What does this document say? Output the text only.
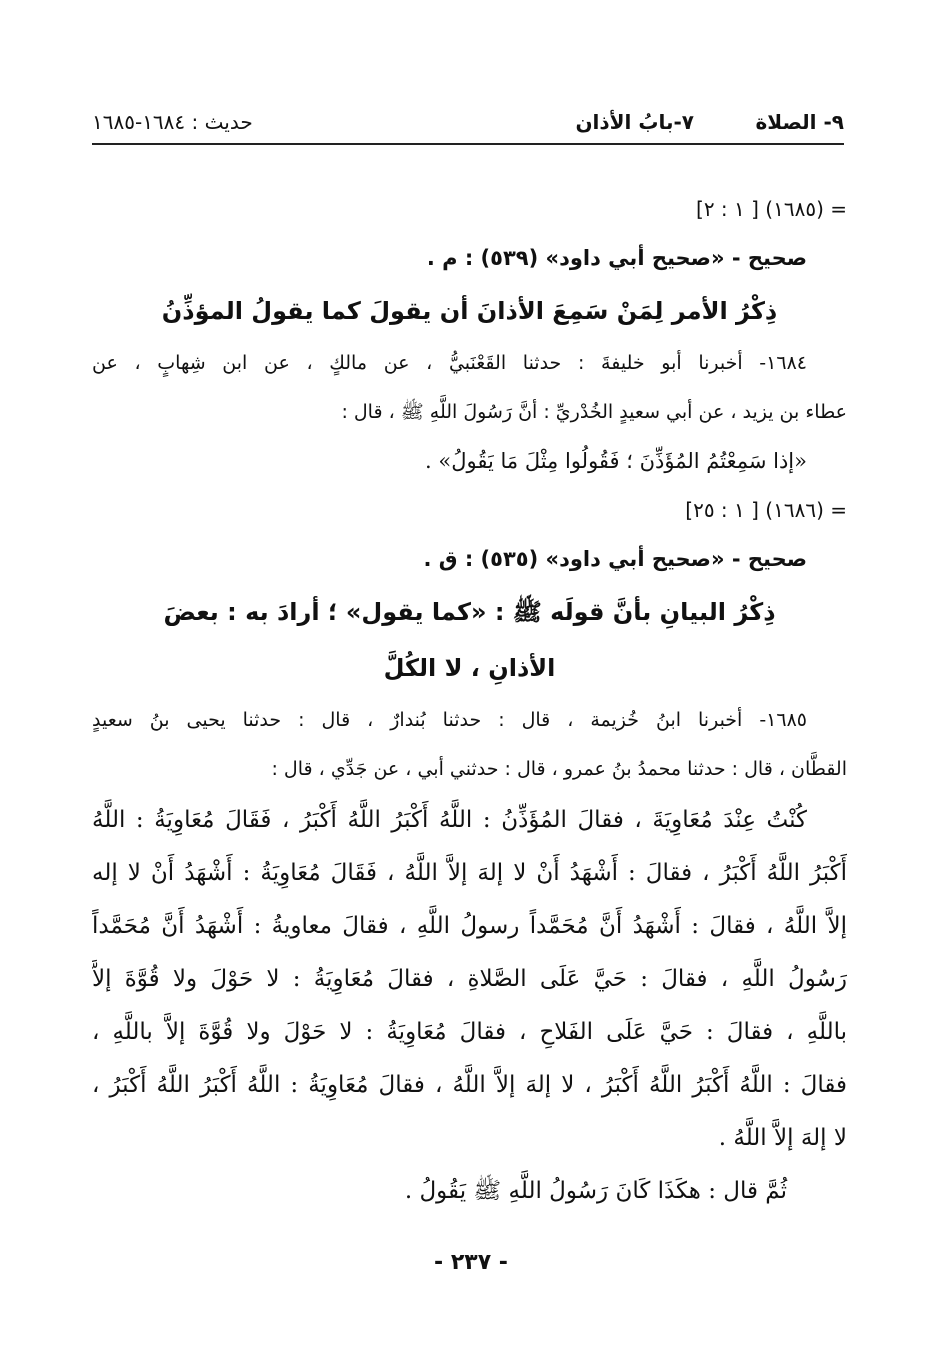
٩- الصلاة
٧-بابُ الأذان
حديث : ١٦٨٤-١٦٨٥
= (١٦٨٥) [ ١ : ٢]
صحيح - «صحيح أبي داود» (٥٣٩) : م .
ذِكْرُ الأمر لِمَنْ سَمِعَ الأذانَ أن يقولَ كما يقولُ المؤذِّنُ
١٦٨٤- أخبرنا أبو خليفةَ : حدثنا القَعْنَبيُّ ، عن مالكٍ ، عن ابن شِهابٍ ، عن
عطاء بن يزيد ، عن أبي سعيدٍ الخُدْريِّ : أنَّ رَسُولَ اللَّهِ ﷺ ، قال :
«إذا سَمِعْتُمُ المُؤَذِّنَ ؛ فَقُولُوا مِثْلَ مَا يَقُولُ» .
= (١٦٨٦) [ ١ : ٢٥]
صحيح - «صحيح أبي داود» (٥٣٥) : ق .
ذِكْرُ البيانِ بأنَّ قولَه ﷺ : «كما يقول» ؛ أرادَ به : بعضَ
الأذانِ ، لا الكُلَّ
١٦٨٥- أخبرنا ابنُ خُزيمة ، قال : حدثنا بُندارٌ ، قال : حدثنا يحيى بنُ سعيدٍ
القطَّان ، قال : حدثنا محمدُ بنُ عمرو ، قال : حدثني أبي ، عن جَدِّي ، قال :
كُنْتُ عِنْدَ مُعَاوِيَةَ ، فقالَ المُؤَذِّنُ : اللَّهُ أَكْبَرُ اللَّهُ أَكْبَرُ ، فَقَالَ مُعَاوِيَةُ : اللَّهُ
أَكْبَرُ اللَّهُ أَكْبَرُ ، فقالَ : أَشْهَدُ أَنْ لا إلهَ إلاَّ اللَّهُ ، فَقَالَ مُعَاوِيَةُ : أَشْهَدُ أَنْ لا إله
إلاَّ اللَّهُ ، فقالَ : أَشْهَدُ أَنَّ مُحَمَّداً رسولُ اللَّهِ ، فقالَ معاويةُ : أَشْهَدُ أَنَّ مُحَمَّداً
رَسُولُ اللَّهِ ، فقالَ : حَيَّ عَلَى الصَّلاةِ ، فقالَ مُعَاوِيَةُ : لا حَوْلَ ولا قُوَّةَ إلاَّ
باللَّهِ ، فقالَ : حَيَّ عَلَى الفَلاحِ ، فقالَ مُعَاوِيَةُ : لا حَوْلَ ولا قُوَّةَ إلاَّ باللَّهِ ،
فقالَ : اللَّهُ أَكْبَرُ اللَّهُ أَكْبَرُ ، لا إلهَ إلاَّ اللَّهُ ، فقالَ مُعَاوِيَةُ : اللَّهُ أَكْبَرُ اللَّهُ أَكْبَرُ ،
لا إلهَ إلاَّ اللَّهُ .
ثُمَّ قال : هكَذَا كَانَ رَسُولُ اللَّهِ ﷺ يَقُولُ .
- ٢٣٧ -
